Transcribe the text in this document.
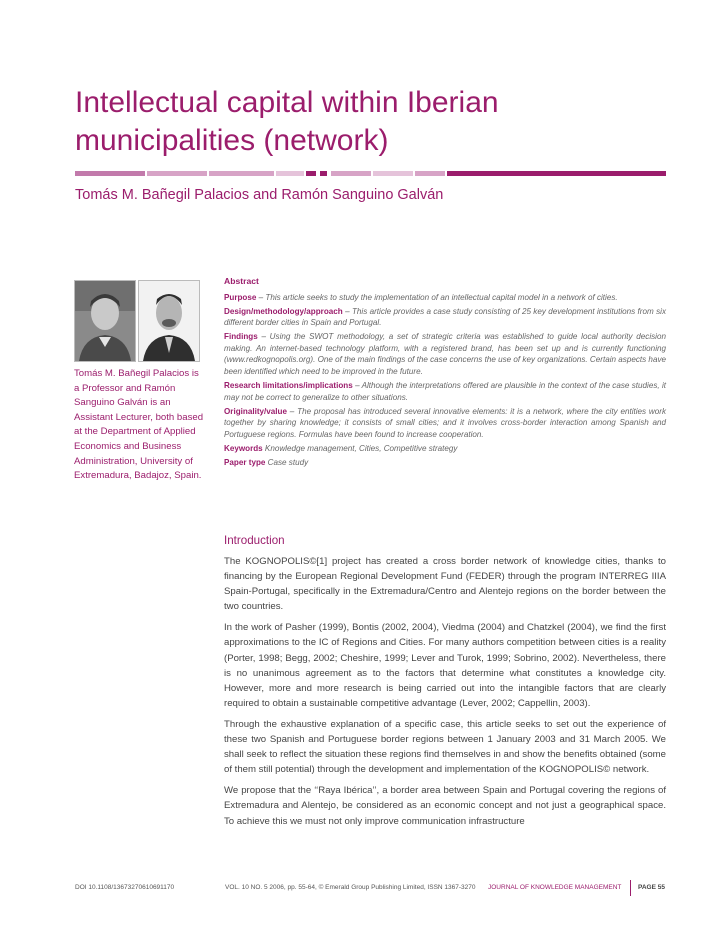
Intellectual capital within Iberian
municipalities (network)
Tomás M. Bañegil Palacios and Ramón Sanguino Galván
Tomás M. Bañegil Palacios is a Professor and Ramón Sanguino Galván is an Assistant Lecturer, both based at the Department of Applied Economics and Business Administration, University of Extremadura, Badajoz, Spain.

Abstract

Purpose – This article seeks to study the implementation of an intellectual capital model in a network of cities.

Design/methodology/approach – This article provides a case study consisting of 25 key development institutions from six different border cities in Spain and Portugal.

Findings – Using the SWOT methodology, a set of strategic criteria was established to guide local authority decision making. An internet-based technology platform, with a registered brand, has been set up and is currently functioning (www.redkognopolis.org). One of the main findings of the case concerns the use of key organizations. Certain aspects have been identified which need to be improved in the future.

Research limitations/implications – Although the interpretations offered are plausible in the context of the case studies, it may not be correct to generalize to other situations.

Originality/value – The proposal has introduced several innovative elements: it is a network, where the city entities work together by sharing knowledge; it consists of small cities; and it involves cross-border interaction among Spanish and Portuguese regions. Formulas have been found to increase cooperation.

Keywords Knowledge management, Cities, Competitive strategy

Paper type Case study

Introduction

The KOGNOPOLIS©[1] project has created a cross border network of knowledge cities, thanks to financing by the European Regional Development Fund (FEDER) through the program INTERREG IIIA Spain-Portugal, specifically in the Extremadura/Centro and Alentejo regions on the border between the two countries.

In the work of Pasher (1999), Bontis (2002, 2004), Viedma (2004) and Chatzkel (2004), we find the first approximations to the IC of Regions and Cities. For many authors competition between cities is a reality (Porter, 1998; Begg, 2002; Cheshire, 1999; Lever and Turok, 1999; Sobrino, 2002). Nevertheless, there is no unanimous agreement as to the factors that determine what constitutes a knowledge city. However, more and more research is being carried out into the intangible factors that are clearly required to obtain a sustainable competitive advantage (Lever, 2002; Cappellin, 2003).

Through the exhaustive explanation of a specific case, this article seeks to set out the experience of these two Spanish and Portuguese border regions between 1 January 2003 and 31 March 2005. We shall seek to reflect the situation these regions find themselves in and show the benefits obtained (some of them still potential) through the development and implementation of the KOGNOPOLIS© network.

We propose that the ‘‘Raya Ibérica’’, a border area between Spain and Portugal covering the regions of Extremadura and Alentejo, be considered as an economic concept and not just a geographical space. To achieve this we must not only improve communication infrastructure

DOI 10.1108/13673270610691170	VOL. 10 NO. 5 2006, pp. 55-64, © Emerald Group Publishing Limited, ISSN 1367-3270 JOURNAL OF KNOWLEDGE MANAGEMENT	PAGE 55
